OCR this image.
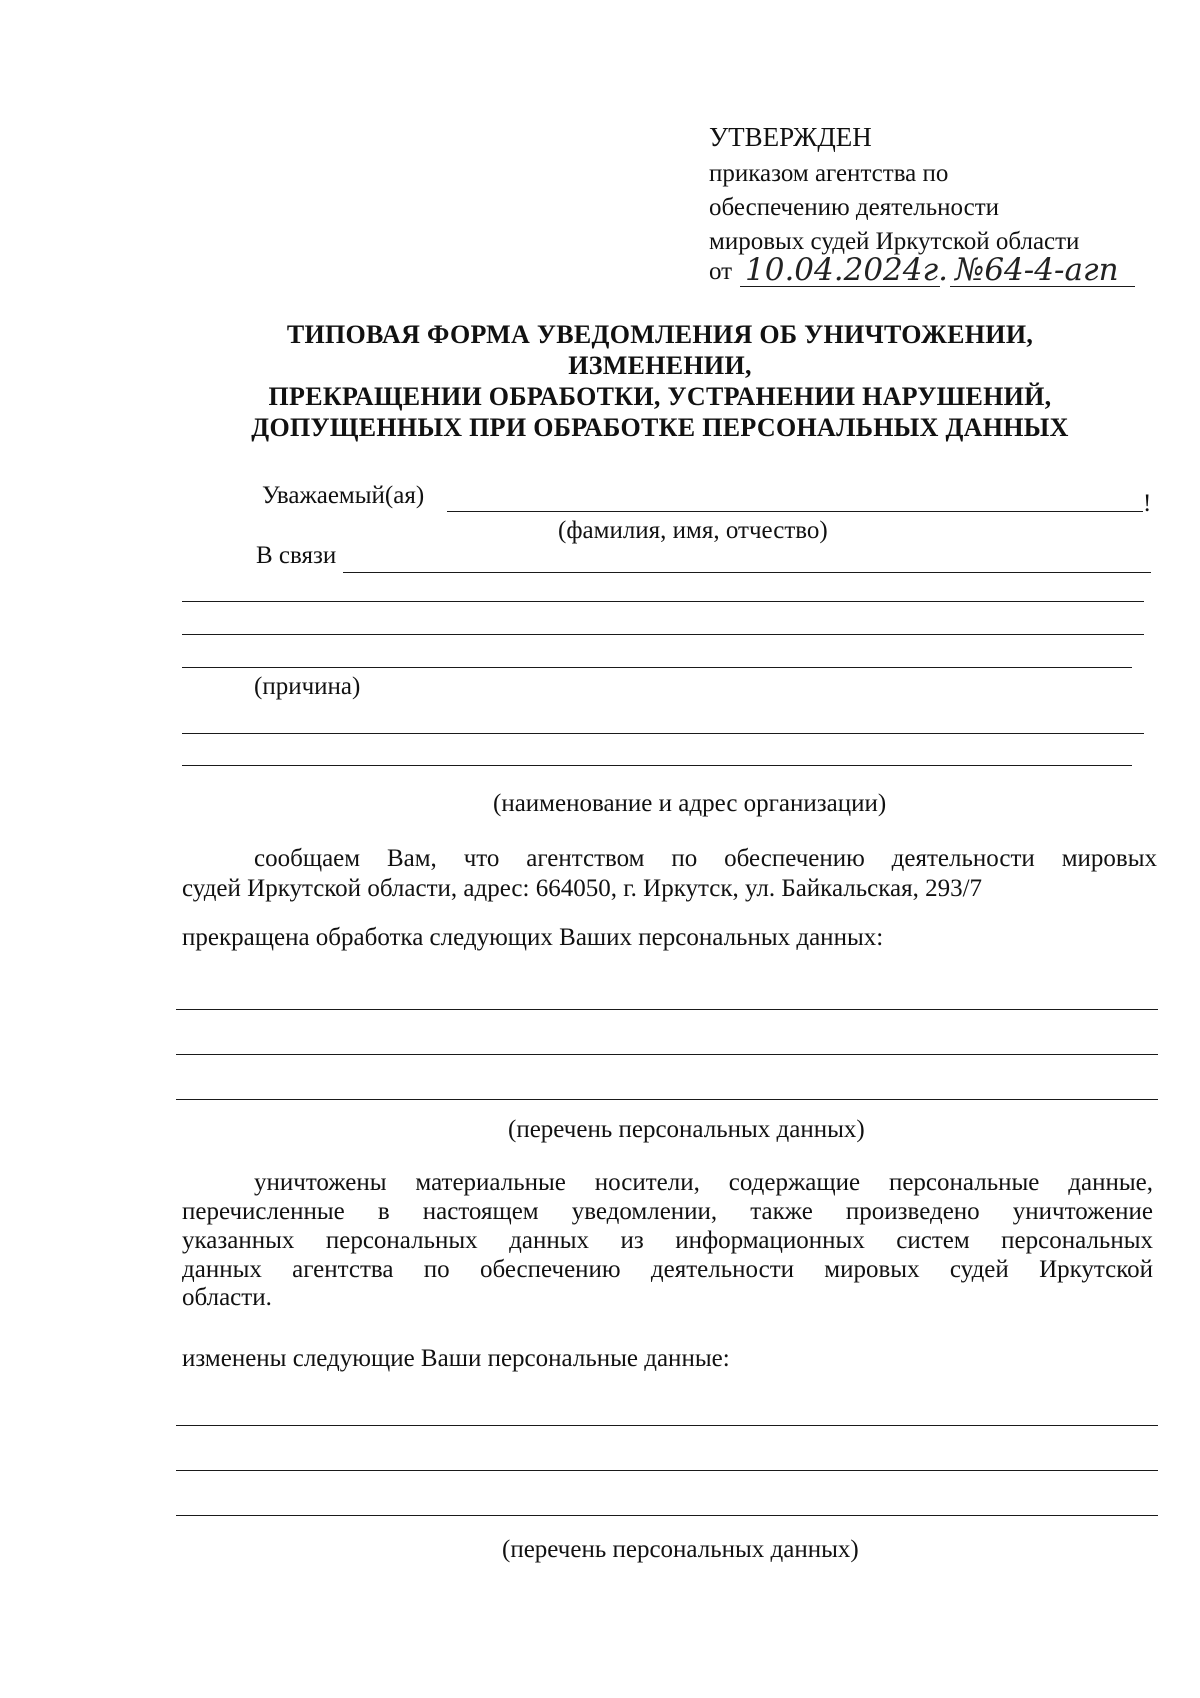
УТВЕРЖДЕН
приказом агентства по
обеспечению деятельности
мировых судей Иркутской области
от 10.04.2024г. №64-4-агп
ТИПОВАЯ ФОРМА УВЕДОМЛЕНИЯ ОБ УНИЧТОЖЕНИИ,
ИЗМЕНЕНИИ,
ПРЕКРАЩЕНИИ ОБРАБОТКИ, УСТРАНЕНИИ НАРУШЕНИЙ,
ДОПУЩЕННЫХ ПРИ ОБРАБОТКЕ ПЕРСОНАЛЬНЫХ ДАННЫХ
Уважаемый(ая)	!
(фамилия, имя, отчество)
В связи
(причина)
(наименование и адрес организации)
сообщаем Вам, что агентством по обеспечению деятельности мировых
судей Иркутской области, адрес: 664050, г. Иркутск, ул. Байкальская, 293/7
прекращена обработка следующих Ваших персональных данных:
(перечень персональных данных)
уничтожены материальные носители, содержащие персональные данные,
перечисленные в настоящем уведомлении, также произведено уничтожение
указанных персональных данных из информационных систем персональных
данных агентства по обеспечению деятельности мировых судей Иркутской
области.
изменены следующие Ваши персональные данные:
(перечень персональных данных)
